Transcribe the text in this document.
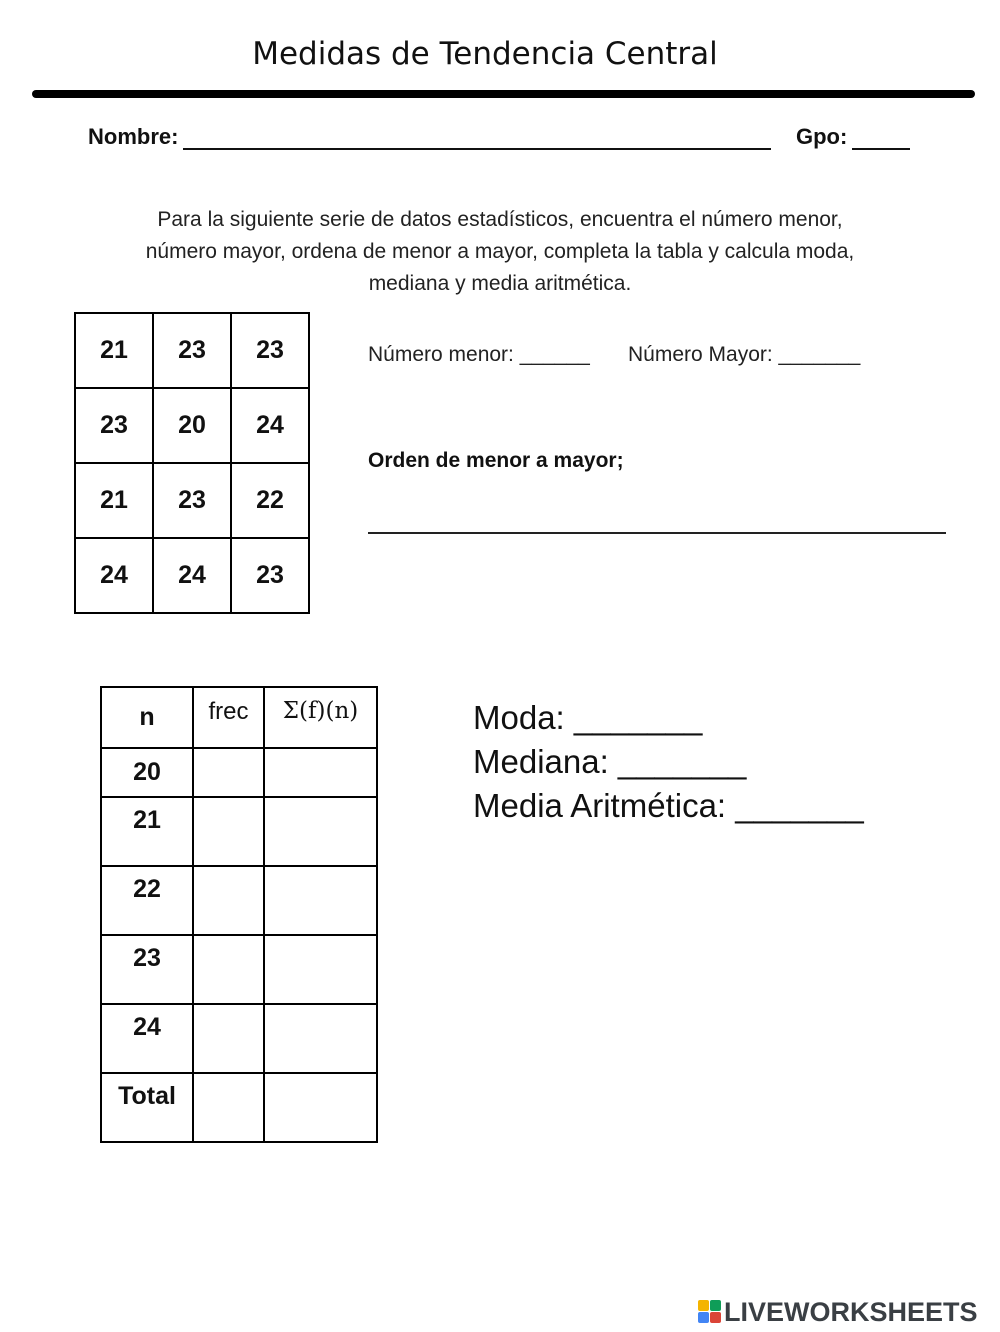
Medidas de Tendencia Central
Nombre:	Gpo:
Para la siguiente serie de datos estadísticos, encuentra el número menor, número mayor, ordena de menor a mayor, completa la tabla y calcula moda, mediana y media aritmética.
21	23	23
23	20	24
21	23	22
24	24	23
Número menor: ______ Número Mayor: _______
Orden de menor a mayor;
n	frec	Σ(f)(n)
20		
21		
22		
23		
24		
Total		
Moda: _______
Mediana: _______
Media Aritmética: _______
LIVEWORKSHEETS
